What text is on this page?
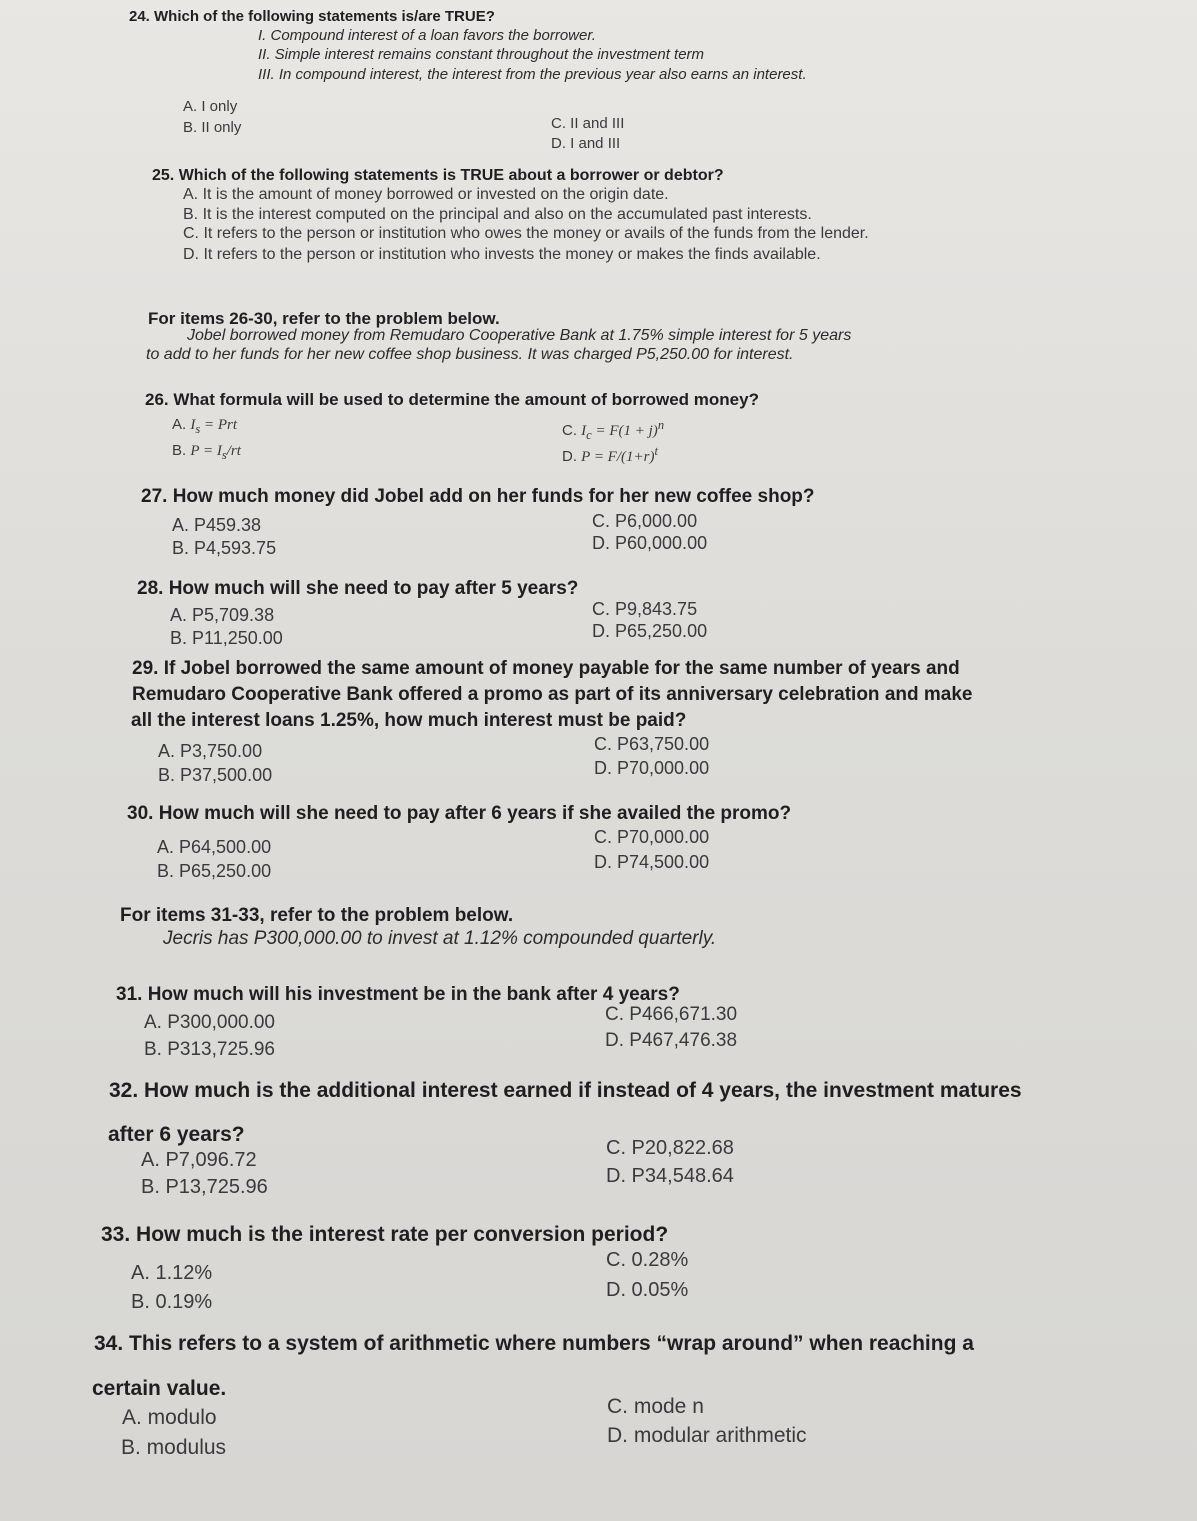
24. Which of the following statements is/are TRUE?
I. Compound interest of a loan favors the borrower.
II. Simple interest remains constant throughout the investment term
III. In compound interest, the interest from the previous year also earns an interest.
A. I only
B. II only	C. II and III
D. I and III
25. Which of the following statements is TRUE about a borrower or debtor?
A. It is the amount of money borrowed or invested on the origin date.
B. It is the interest computed on the principal and also on the accumulated past interests.
C. It refers to the person or institution who owes the money or avails of the funds from the lender.
D. It refers to the person or institution who invests the money or makes the finds available.
For items 26-30, refer to the problem below.
Jobel borrowed money from Remudaro Cooperative Bank at 1.75% simple interest for 5 years
to add to her funds for her new coffee shop business. It was charged P5,250.00 for interest.
26. What formula will be used to determine the amount of borrowed money?
A. $I_s$ = Prt
B. $P = I_s/rt$
C. $I_c = F(1 + j)^n$
D. $P = F/(1+r)^t$
27. How much money did Jobel add on her funds for her new coffee shop?
A. P459.38
B. P4,593.75
C. P6,000.00
D. P60,000.00
28. How much will she need to pay after 5 years?
A. P5,709.38
B. P11,250.00
C. P9,843.75
D. P65,250.00
29. If Jobel borrowed the same amount of money payable for the same number of years and
Remudaro Cooperative Bank offered a promo as part of its anniversary celebration and make
all the interest loans 1.25%, how much interest must be paid?
A. P3,750.00
B. P37,500.00
C. P63,750.00
D. P70,000.00
30. How much will she need to pay after 6 years if she availed the promo?
A. P64,500.00
B. P65,250.00
C. P70,000.00
D. P74,500.00
For items 31-33, refer to the problem below.
Jecris has P300,000.00 to invest at 1.12% compounded quarterly.
31. How much will his investment be in the bank after 4 years?
A. P300,000.00
B. P313,725.96
C. P466,671.30
D. P467,476.38
32. How much is the additional interest earned if instead of 4 years, the investment matures
after 6 years?
A. P7,096.72
B. P13,725.96
C. P20,822.68
D. P34,548.64
33. How much is the interest rate per conversion period?
A. 1.12%
B. 0.19%
C. 0.28%
D. 0.05%
34. This refers to a system of arithmetic where numbers “wrap around” when reaching a
certain value.
A. modulo
B. modulus
C. mode n
D. modular arithmetic
